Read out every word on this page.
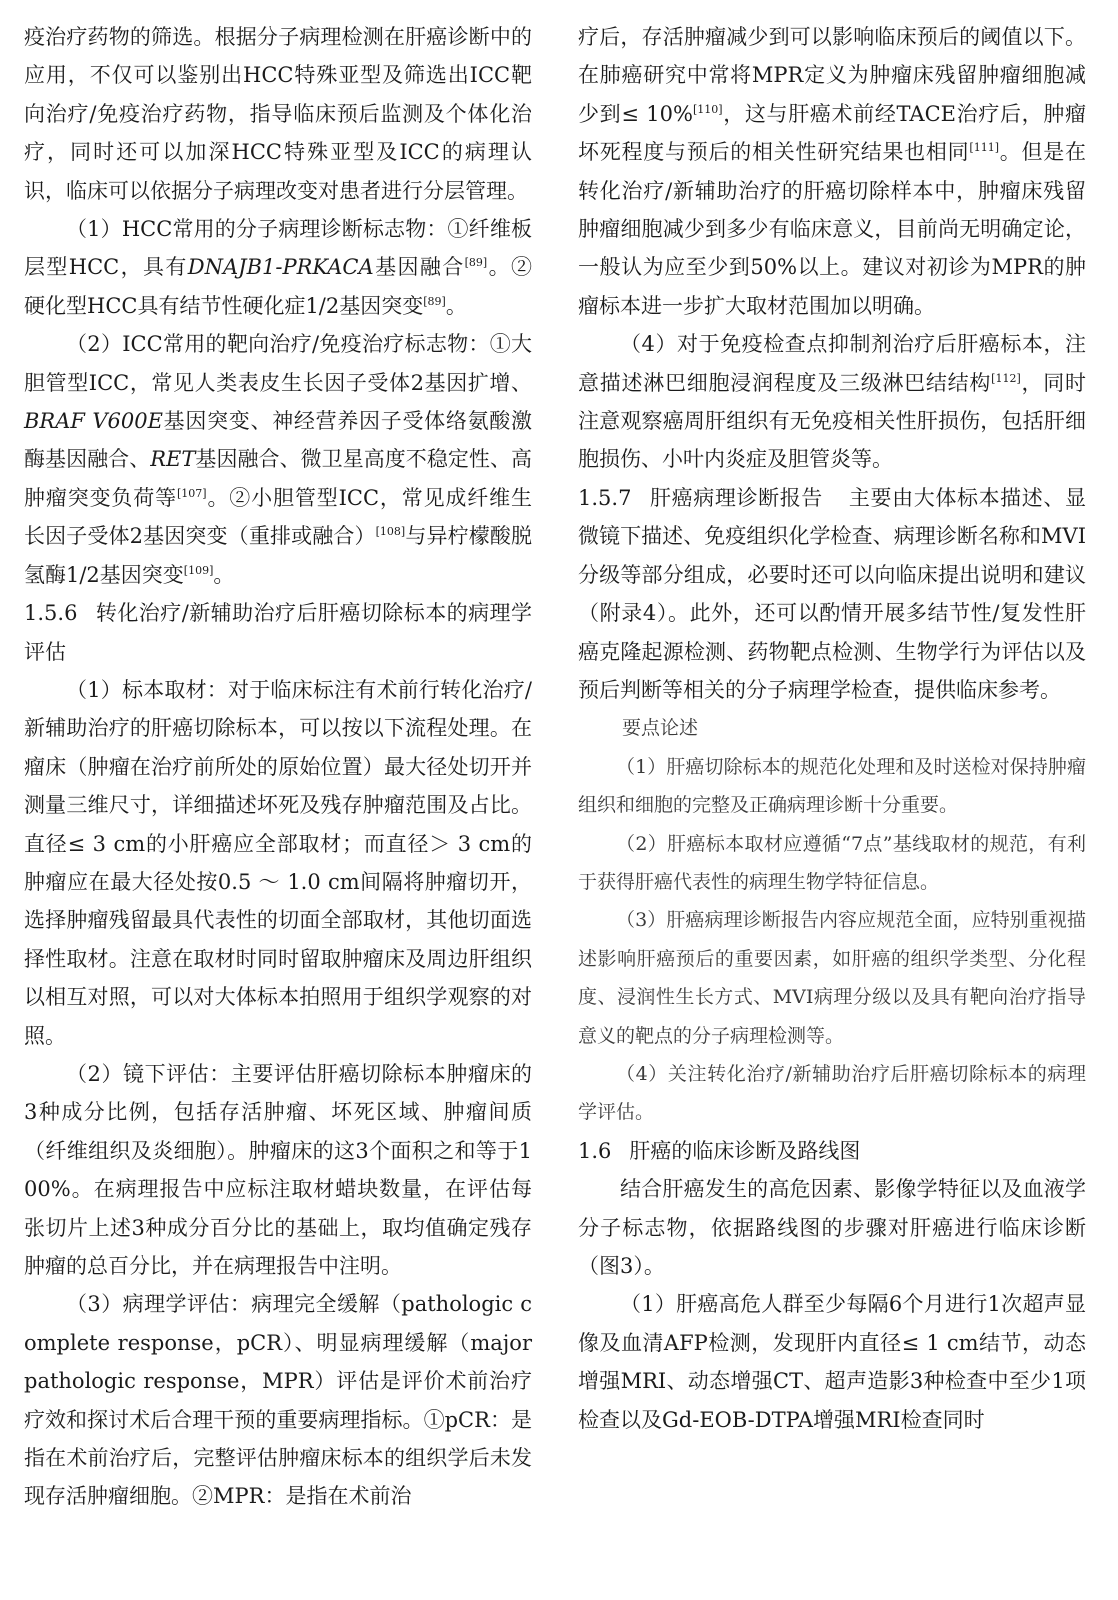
疫治疗药物的筛选。根据分子病理检测在肝癌诊断中的应用，不仅可以鉴别出HCC特殊亚型及筛选出ICC靶向治疗/免疫治疗药物，指导临床预后监测及个体化治疗，同时还可以加深HCC特殊亚型及ICC的病理认识，临床可以依据分子病理改变对患者进行分层管理。

（1）HCC常用的分子病理诊断标志物：①纤维板层型HCC，具有DNAJB1-PRKACA基因融合[89]。②硬化型HCC具有结节性硬化症1/2基因突变[89]。

（2）ICC常用的靶向治疗/免疫治疗标志物：①大胆管型ICC，常见人类表皮生长因子受体2基因扩增、BRAF V600E基因突变、神经营养因子受体络氨酸激酶基因融合、RET基因融合、微卫星高度不稳定性、高肿瘤突变负荷等[107]。②小胆管型ICC，常见成纤维生长因子受体2基因突变（重排或融合）[108]与异柠檬酸脱氢酶1/2基因突变[109]。

1.5.6 转化治疗/新辅助治疗后肝癌切除标本的病理学评估

（1）标本取材：对于临床标注有术前行转化治疗/新辅助治疗的肝癌切除标本，可以按以下流程处理。在瘤床（肿瘤在治疗前所处的原始位置）最大径处切开并测量三维尺寸，详细描述坏死及残存肿瘤范围及占比。直径≤ 3 cm的小肝癌应全部取材；而直径＞ 3 cm的肿瘤应在最大径处按0.5 ～ 1.0 cm间隔将肿瘤切开，选择肿瘤残留最具代表性的切面全部取材，其他切面选择性取材。注意在取材时同时留取肿瘤床及周边肝组织以相互对照，可以对大体标本拍照用于组织学观察的对照。

（2）镜下评估：主要评估肝癌切除标本肿瘤床的3种成分比例，包括存活肿瘤、坏死区域、肿瘤间质（纤维组织及炎细胞）。肿瘤床的这3个面积之和等于100%。在病理报告中应标注取材蜡块数量，在评估每张切片上述3种成分百分比的基础上，取均值确定残存肿瘤的总百分比，并在病理报告中注明。

（3）病理学评估：病理完全缓解（pathologic complete response，pCR）、明显病理缓解（major pathologic response，MPR）评估是评价术前治疗疗效和探讨术后合理干预的重要病理指标。①pCR：是指在术前治疗后，完整评估肿瘤床标本的组织学后未发现存活肿瘤细胞。②MPR：是指在术前治

疗后，存活肿瘤减少到可以影响临床预后的阈值以下。在肺癌研究中常将MPR定义为肿瘤床残留肿瘤细胞减少到≤ 10%[110]，这与肝癌术前经TACE治疗后，肿瘤坏死程度与预后的相关性研究结果也相同[111]。但是在转化治疗/新辅助治疗的肝癌切除样本中，肿瘤床残留肿瘤细胞减少到多少有临床意义，目前尚无明确定论，一般认为应至少到50%以上。建议对初诊为MPR的肿瘤标本进一步扩大取材范围加以明确。

（4）对于免疫检查点抑制剂治疗后肝癌标本，注意描述淋巴细胞浸润程度及三级淋巴结结构[112]，同时注意观察癌周肝组织有无免疫相关性肝损伤，包括肝细胞损伤、小叶内炎症及胆管炎等。

1.5.7 肝癌病理诊断报告 主要由大体标本描述、显微镜下描述、免疫组织化学检查、病理诊断名称和MVI分级等部分组成，必要时还可以向临床提出说明和建议（附录4）。此外，还可以酌情开展多结节性/复发性肝癌克隆起源检测、药物靶点检测、生物学行为评估以及预后判断等相关的分子病理学检查，提供临床参考。

要点论述

（1）肝癌切除标本的规范化处理和及时送检对保持肿瘤组织和细胞的完整及正确病理诊断十分重要。

（2）肝癌标本取材应遵循“7点”基线取材的规范，有利于获得肝癌代表性的病理生物学特征信息。

（3）肝癌病理诊断报告内容应规范全面，应特别重视描述影响肝癌预后的重要因素，如肝癌的组织学类型、分化程度、浸润性生长方式、MVI病理分级以及具有靶向治疗指导意义的靶点的分子病理检测等。

（4）关注转化治疗/新辅助治疗后肝癌切除标本的病理学评估。

1.6 肝癌的临床诊断及路线图

结合肝癌发生的高危因素、影像学特征以及血液学分子标志物，依据路线图的步骤对肝癌进行临床诊断（图3）。

（1）肝癌高危人群至少每隔6个月进行1次超声显像及血清AFP检测，发现肝内直径≤ 1 cm结节，动态增强MRI、动态增强CT、超声造影3种检查中至少1项检查以及Gd-EOB-DTPA增强MRI检查同时
